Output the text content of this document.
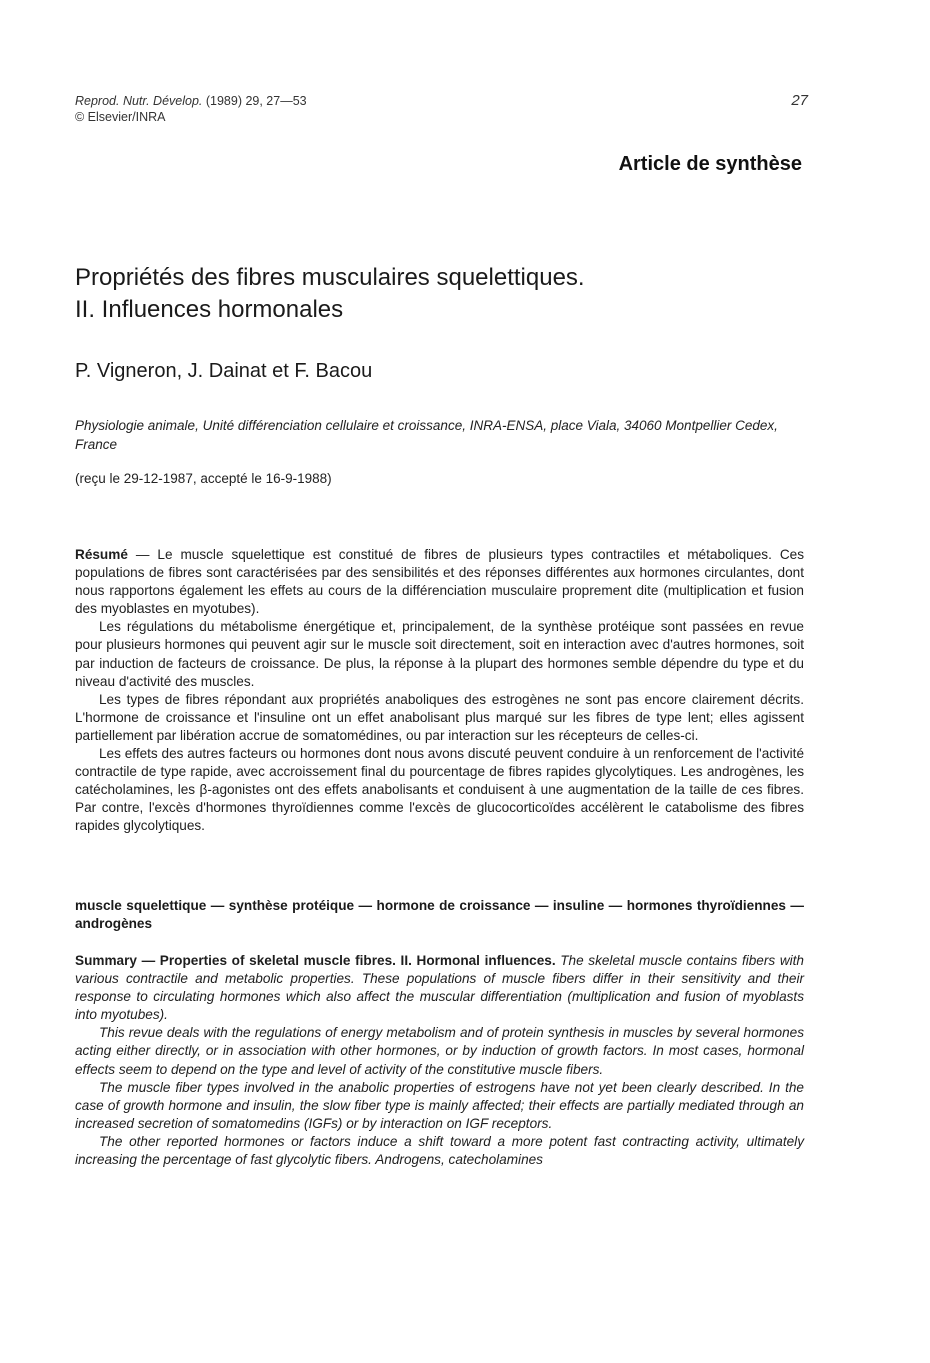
Reprod. Nutr. Dévelop. (1989) 29, 27—53
© Elsevier/INRA
27
Article de synthèse
Propriétés des fibres musculaires squelettiques.
II. Influences hormonales
P. Vigneron, J. Dainat et F. Bacou
Physiologie animale, Unité différenciation cellulaire et croissance, INRA-ENSA, place Viala, 34060 Montpellier Cedex, France
(reçu le 29-12-1987, accepté le 16-9-1988)

Résumé — Le muscle squelettique est constitué de fibres de plusieurs types contractiles et métaboliques. Ces populations de fibres sont caractérisées par des sensibilités et des réponses différentes aux hormones circulantes, dont nous rapportons également les effets au cours de la différenciation musculaire proprement dite (multiplication et fusion des myoblastes en myotubes).

Les régulations du métabolisme énergétique et, principalement, de la synthèse protéique sont passées en revue pour plusieurs hormones qui peuvent agir sur le muscle soit directement, soit en interaction avec d'autres hormones, soit par induction de facteurs de croissance. De plus, la réponse à la plupart des hormones semble dépendre du type et du niveau d'activité des muscles.

Les types de fibres répondant aux propriétés anaboliques des estrogènes ne sont pas encore clairement décrits. L'hormone de croissance et l'insuline ont un effet anabolisant plus marqué sur les fibres de type lent; elles agissent partiellement par libération accrue de somatomédines, ou par interaction sur les récepteurs de celles-ci.

Les effets des autres facteurs ou hormones dont nous avons discuté peuvent conduire à un renforcement de l'activité contractile de type rapide, avec accroissement final du pourcentage de fibres rapides glycolytiques. Les androgènes, les catécholamines, les β-agonistes ont des effets anabolisants et conduisent à une augmentation de la taille de ces fibres. Par contre, l'excès d'hormones thyroïdiennes comme l'excès de glucocorticoïdes accélèrent le catabolisme des fibres rapides glycolytiques.

muscle squelettique — synthèse protéique — hormone de croissance — insuline — hormones thyroïdiennes — androgènes

Summary — Properties of skeletal muscle fibres. II. Hormonal influences. The skeletal muscle contains fibers with various contractile and metabolic properties. These populations of muscle fibers differ in their sensitivity and their response to circulating hormones which also affect the muscular differentiation (multiplication and fusion of myoblasts into myotubes).

This revue deals with the regulations of energy metabolism and of protein synthesis in muscles by several hormones acting either directly, or in association with other hormones, or by induction of growth factors. In most cases, hormonal effects seem to depend on the type and level of activity of the constitutive muscle fibers.

The muscle fiber types involved in the anabolic properties of estrogens have not yet been clearly described. In the case of growth hormone and insulin, the slow fiber type is mainly affected; their effects are partially mediated through an increased secretion of somatomedins (IGFs) or by interaction on IGF receptors.

The other reported hormones or factors induce a shift toward a more potent fast contracting activity, ultimately increasing the percentage of fast glycolytic fibers. Androgens, catecholamines
